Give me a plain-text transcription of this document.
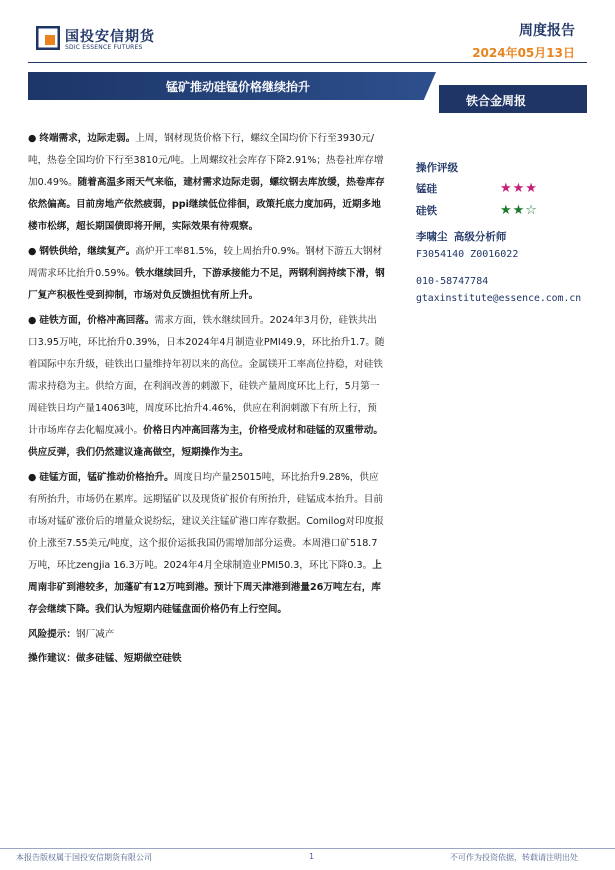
国投安信期货
SDIC ESSENCE FUTURES
周度报告
2024年05月13日
锰矿推动硅锰价格继续抬升
铁合金周报

● 终端需求，边际走弱。上周，钢材现货价格下行，螺纹全国均价下行至3930元/吨，热卷全国均价下行至3810元/吨。上周螺纹社会库存下降2.91%；热卷社库存增加0.49%。随着高温多雨天气来临，建材需求边际走弱，螺纹钢去库放缓，热卷库存依然偏高。目前房地产依然疲弱，ppi继续低位徘徊，政策托底力度加码，近期多地楼市松绑，超长期国债即将开闸，实际效果有待观察。

● 钢铁供给，继续复产。高炉开工率81.5%，较上周抬升0.9%。钢材下游五大钢材周需求环比抬升0.59%。铁水继续回升，下游承接能力不足，两钢利润持续下滑，钢厂复产积极性受到抑制，市场对负反馈担忧有所上升。

● 硅铁方面，价格冲高回落。需求方面，铁水继续回升。2024年3月份，硅铁共出口3.95万吨，环比抬升0.39%，日本2024年4月制造业PMI49.9，环比抬升1.7。随着国际中东升级，硅铁出口量维持年初以来的高位。金属镁开工率高位持稳，对硅铁需求持稳为主。供给方面，在利润改善的刺激下，硅铁产量周度环比上行，5月第一周硅铁日均产量14063吨，周度环比抬升4.46%，供应在利润刺激下有所上行，预计市场库存去化幅度减小。价格日内冲高回落为主，价格受成材和硅锰的双重带动。供应反弹，我们仍然建议逢高做空，短期操作为主。

● 硅锰方面，锰矿推动价格抬升。周度日均产量25015吨，环比抬升9.28%，供应有所抬升，市场仍在累库。远期锰矿以及现货矿报价有所抬升，硅锰成本抬升。目前市场对锰矿涨价后的增量众说纷纭，建议关注锰矿港口库存数据。Comilog对印度报价上涨至7.55美元/吨度，这个报价运抵我国仍需增加部分运费。本周港口矿518.7万吨，环比zengjia 16.3万吨。2024年4月全球制造业PMI50.3，环比下降0.3。上周南非矿到港较多，加蓬矿有12万吨到港。预计下周天津港到港量26万吨左右，库存会继续下降。我们认为短期内硅锰盘面价格仍有上行空间。

风险提示：钢厂减产

操作建议：做多硅锰、短期做空硅铁

操作评级
锰硅	★★★
硅铁	★★☆
李啸尘 高级分析师
F3054140 Z0016022
010-58747784
gtaxinstitute@essence.com.cn
本报告版权属于国投安信期货有限公司	1	不可作为投资依据，转载请注明出处
